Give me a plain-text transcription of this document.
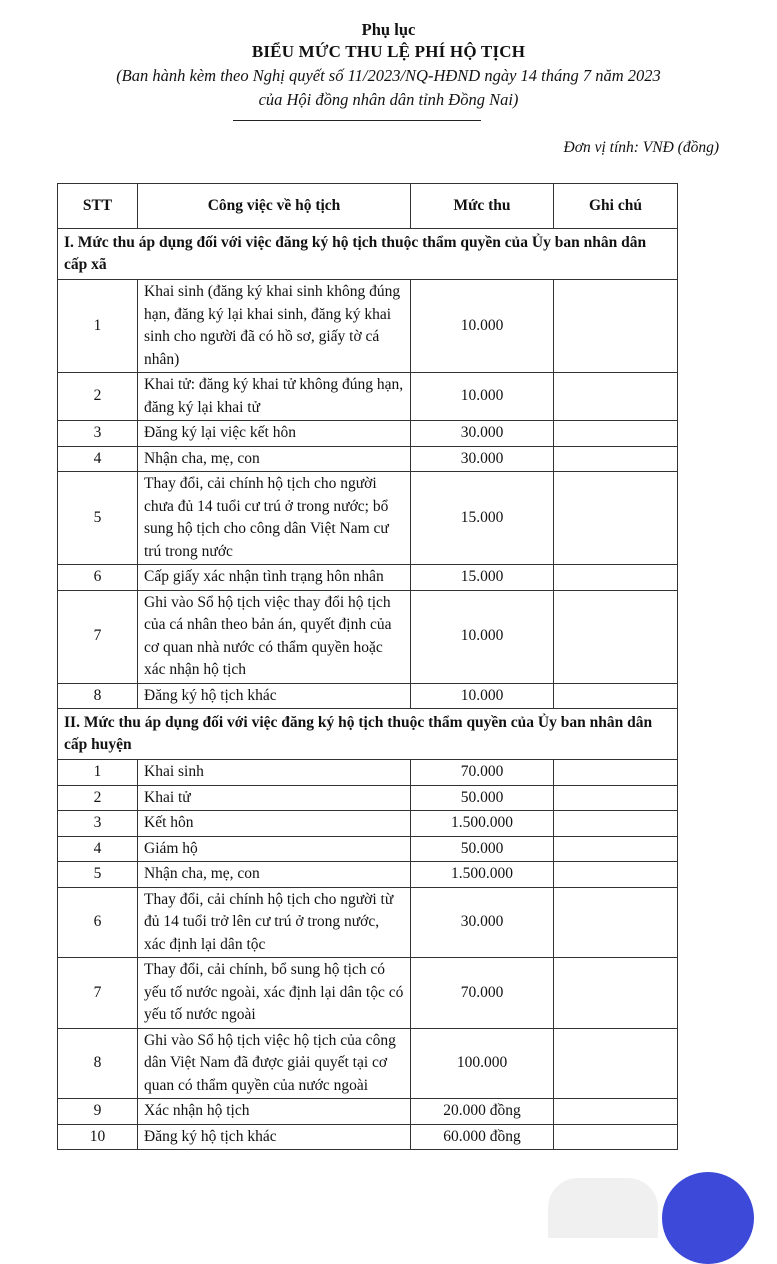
Phụ lục
BIỂU MỨC THU LỆ PHÍ HỘ TỊCH
(Ban hành kèm theo Nghị quyết số 11/2023/NQ-HĐND ngày 14 tháng 7 năm 2023
của Hội đồng nhân dân tỉnh Đồng Nai)
Đơn vị tính: VNĐ (đồng)
STT	Công việc về hộ tịch	Mức thu	Ghi chú
I. Mức thu áp dụng đối với việc đăng ký hộ tịch thuộc thẩm quyền của Ủy ban nhân dân cấp xã			
1	Khai sinh (đăng ký khai sinh không đúng hạn, đăng ký lại khai sinh, đăng ký khai sinh cho người đã có hồ sơ, giấy tờ cá nhân)	10.000	
2	Khai tử: đăng ký khai tử không đúng hạn, đăng ký lại khai tử	10.000	
3	Đăng ký lại việc kết hôn	30.000	
4	Nhận cha, mẹ, con	30.000	
5	Thay đổi, cải chính hộ tịch cho người chưa đủ 14 tuổi cư trú ở trong nước; bổ sung hộ tịch cho công dân Việt Nam cư trú trong nước	15.000	
6	Cấp giấy xác nhận tình trạng hôn nhân	15.000	
7	Ghi vào Sổ hộ tịch việc thay đổi hộ tịch của cá nhân theo bản án, quyết định của cơ quan nhà nước có thẩm quyền hoặc xác nhận hộ tịch	10.000	
8	Đăng ký hộ tịch khác	10.000	
II. Mức thu áp dụng đối với việc đăng ký hộ tịch thuộc thẩm quyền của Ủy ban nhân dân cấp huyện			
1	Khai sinh	70.000	
2	Khai tử	50.000	
3	Kết hôn	1.500.000	
4	Giám hộ	50.000	
5	Nhận cha, mẹ, con	1.500.000	
6	Thay đổi, cải chính hộ tịch cho người từ đủ 14 tuổi trở lên cư trú ở trong nước, xác định lại dân tộc	30.000	
7	Thay đổi, cải chính, bổ sung hộ tịch có yếu tố nước ngoài, xác định lại dân tộc có yếu tố nước ngoài	70.000	
8	Ghi vào Sổ hộ tịch việc hộ tịch của công dân Việt Nam đã được giải quyết tại cơ quan có thẩm quyền của nước ngoài	100.000	
9	Xác nhận hộ tịch	20.000 đồng	
10	Đăng ký hộ tịch khác	60.000 đồng	
